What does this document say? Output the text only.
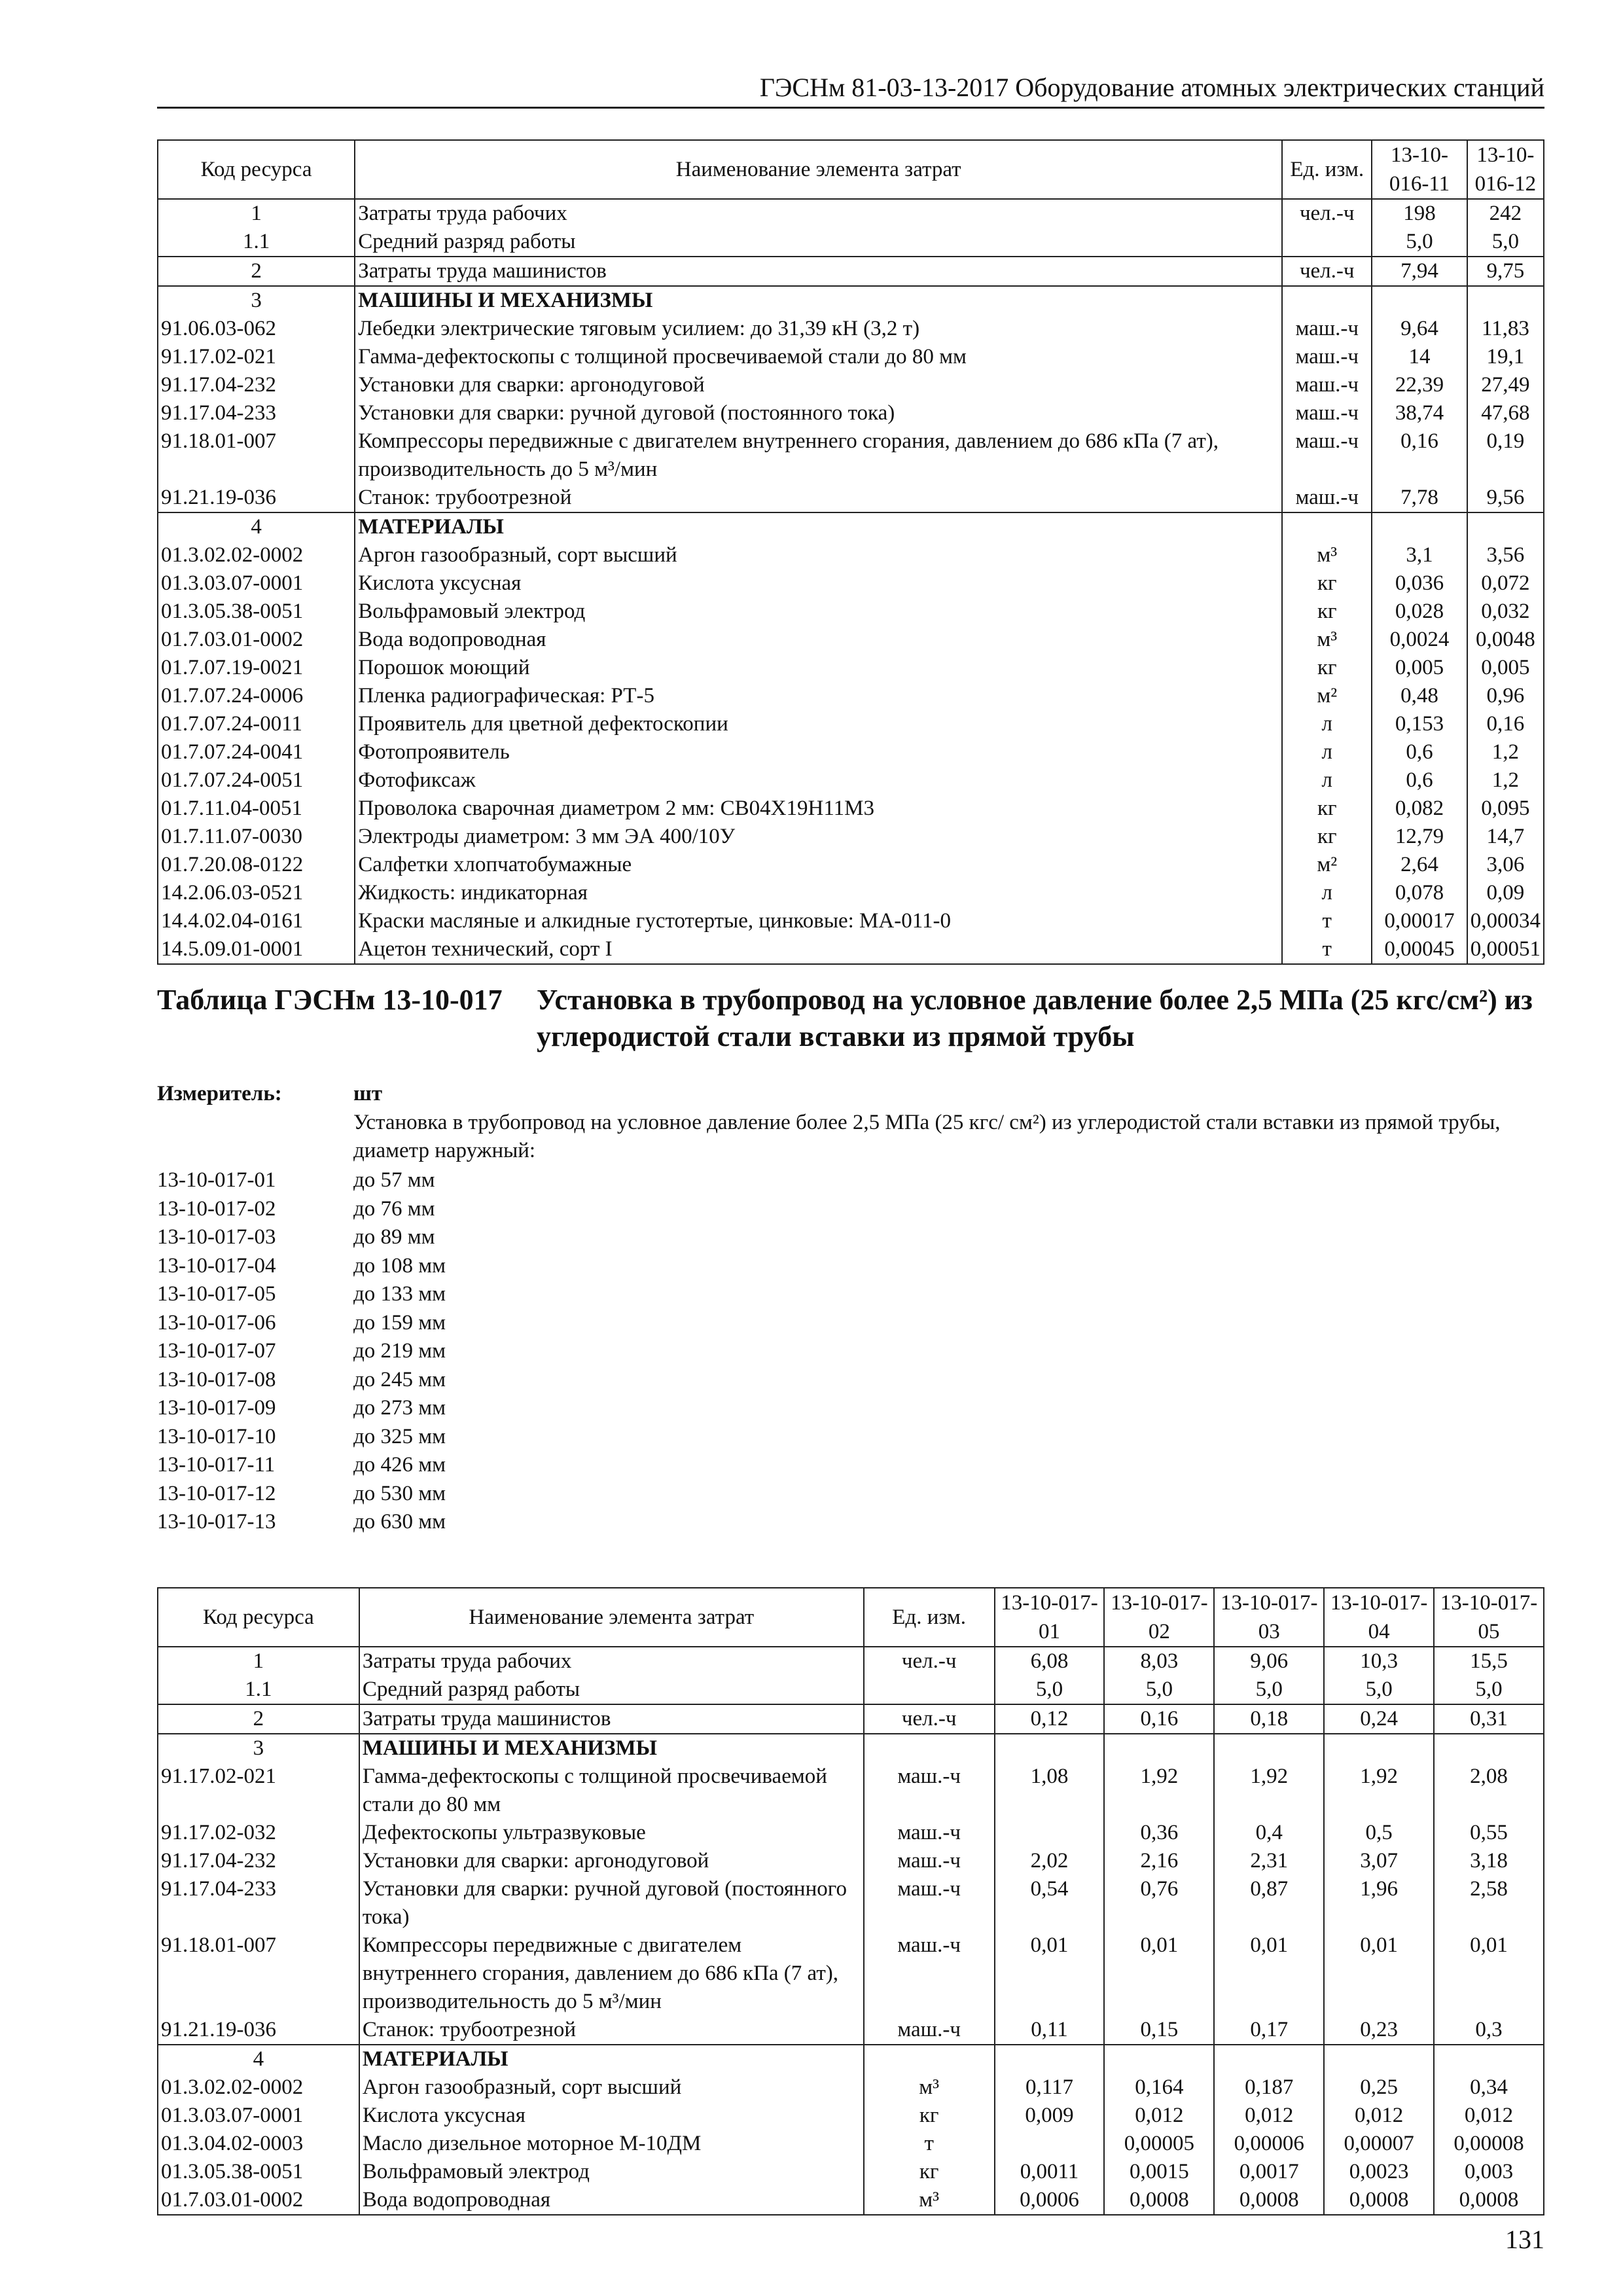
ГЭСНм 81-03-13-2017 Оборудование атомных электрических станций
Код ресурса	Наименование элемента затрат	Ед. изм.	13-10-016-11	13-10-016-12
1	Затраты труда рабочих	чел.-ч	198	242
1.1	Средний разряд работы		5,0	5,0
2	Затраты труда машинистов	чел.-ч	7,94	9,75
3	МАШИНЫ И МЕХАНИЗМЫ			
91.06.03-062	Лебедки электрические тяговым усилием: до 31,39 кН (3,2 т)	маш.-ч	9,64	11,83
91.17.02-021	Гамма-дефектоскопы с толщиной просвечиваемой стали до 80 мм	маш.-ч	14	19,1
91.17.04-232	Установки для сварки: аргонодуговой	маш.-ч	22,39	27,49
91.17.04-233	Установки для сварки: ручной дуговой (постоянного тока)	маш.-ч	38,74	47,68
91.18.01-007	Компрессоры передвижные с двигателем внутреннего сгорания, давлением до 686 кПа (7 ат), производительность до 5 м³/мин	маш.-ч	0,16	0,19
91.21.19-036	Станок: трубоотрезной	маш.-ч	7,78	9,56
4	МАТЕРИАЛЫ			
01.3.02.02-0002	Аргон газообразный, сорт высший	м³	3,1	3,56
01.3.03.07-0001	Кислота уксусная	кг	0,036	0,072
01.3.05.38-0051	Вольфрамовый электрод	кг	0,028	0,032
01.7.03.01-0002	Вода водопроводная	м³	0,0024	0,0048
01.7.07.19-0021	Порошок моющий	кг	0,005	0,005
01.7.07.24-0006	Пленка радиографическая: РТ-5	м²	0,48	0,96
01.7.07.24-0011	Проявитель для цветной дефектоскопии	л	0,153	0,16
01.7.07.24-0041	Фотопроявитель	л	0,6	1,2
01.7.07.24-0051	Фотофиксаж	л	0,6	1,2
01.7.11.04-0051	Проволока сварочная диаметром 2 мм: СВ04Х19Н11М3	кг	0,082	0,095
01.7.11.07-0030	Электроды диаметром: 3 мм ЭА 400/10У	кг	12,79	14,7
01.7.20.08-0122	Салфетки хлопчатобумажные	м²	2,64	3,06
14.2.06.03-0521	Жидкость: индикаторная	л	0,078	0,09
14.4.02.04-0161	Краски масляные и алкидные густотертые, цинковые: МА-011-0	т	0,00017	0,00034
14.5.09.01-0001	Ацетон технический, сорт I	т	0,00045	0,00051
Таблица ГЭСНм 13-10-017 Установка в трубопровод на условное давление более 2,5 МПа (25 кгс/см²) из углеродистой стали вставки из прямой трубы
Измеритель:	шт
Установка в трубопровод на условное давление более 2,5 МПа (25 кгс/ см²) из углеродистой стали вставки из прямой трубы, диаметр наружный:
13-10-017-01	до 57 мм
13-10-017-02	до 76 мм
13-10-017-03	до 89 мм
13-10-017-04	до 108 мм
13-10-017-05	до 133 мм
13-10-017-06	до 159 мм
13-10-017-07	до 219 мм
13-10-017-08	до 245 мм
13-10-017-09	до 273 мм
13-10-017-10	до 325 мм
13-10-017-11	до 426 мм
13-10-017-12	до 530 мм
13-10-017-13	до 630 мм
Код ресурса	Наименование элемента затрат	Ед. изм.	13-10-017-01	13-10-017-02	13-10-017-03	13-10-017-04	13-10-017-05
1	Затраты труда рабочих	чел.-ч	6,08	8,03	9,06	10,3	15,5
1.1	Средний разряд работы		5,0	5,0	5,0	5,0	5,0
2	Затраты труда машинистов	чел.-ч	0,12	0,16	0,18	0,24	0,31
3	МАШИНЫ И МЕХАНИЗМЫ						
91.17.02-021	Гамма-дефектоскопы с толщиной просвечиваемой стали до 80 мм	маш.-ч	1,08	1,92	1,92	1,92	2,08
91.17.02-032	Дефектоскопы ультразвуковые	маш.-ч		0,36	0,4	0,5	0,55
91.17.04-232	Установки для сварки: аргонодуговой	маш.-ч	2,02	2,16	2,31	3,07	3,18
91.17.04-233	Установки для сварки: ручной дуговой (постоянного тока)	маш.-ч	0,54	0,76	0,87	1,96	2,58
91.18.01-007	Компрессоры передвижные с двигателем внутреннего сгорания, давлением до 686 кПа (7 ат), производительность до 5 м³/мин	маш.-ч	0,01	0,01	0,01	0,01	0,01
91.21.19-036	Станок: трубоотрезной	маш.-ч	0,11	0,15	0,17	0,23	0,3
4	МАТЕРИАЛЫ						
01.3.02.02-0002	Аргон газообразный, сорт высший	м³	0,117	0,164	0,187	0,25	0,34
01.3.03.07-0001	Кислота уксусная	кг	0,009	0,012	0,012	0,012	0,012
01.3.04.02-0003	Масло дизельное моторное М-10ДМ	т		0,00005	0,00006	0,00007	0,00008
01.3.05.38-0051	Вольфрамовый электрод	кг	0,0011	0,0015	0,0017	0,0023	0,003
01.7.03.01-0002	Вода водопроводная	м³	0,0006	0,0008	0,0008	0,0008	0,0008
131
